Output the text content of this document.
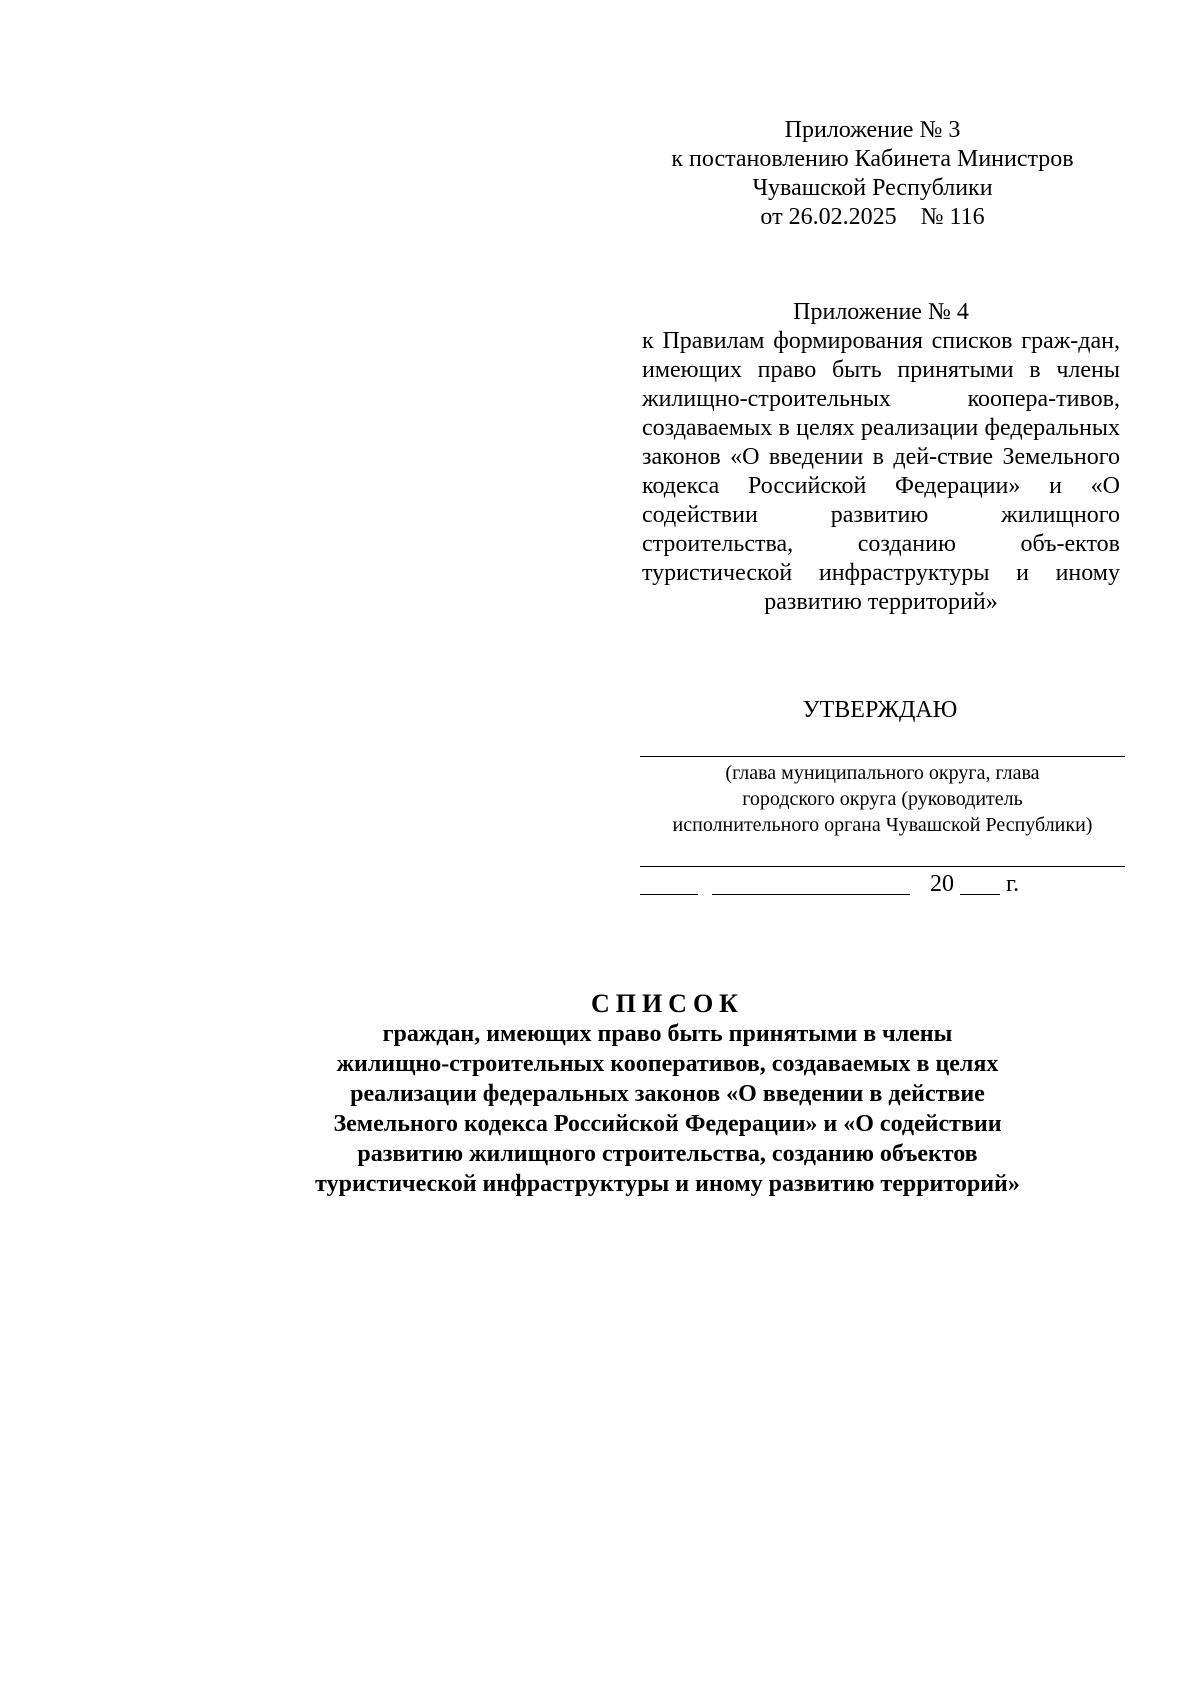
Приложение № 3
к постановлению Кабинета Министров
Чувашской Республики
от 26.02.2025    № 116
Приложение № 4
к Правилам формирования списков граж-дан, имеющих право быть принятыми в члены жилищно-строительных коопера-тивов, создаваемых в целях реализации федеральных законов «О введении в дей-ствие Земельного кодекса Российской Федерации» и «О содействии развитию жилищного строительства, созданию объ-ектов туристической инфраструктуры и иному развитию территорий»
УТВЕРЖДАЮ
(глава муниципального округа, глава
городского округа (руководитель
исполнительного органа Чувашской Республики)
20 г.
СПИСОК
граждан, имеющих право быть принятыми в члены
жилищно-строительных кооперативов, создаваемых в целях
реализации федеральных законов «О введении в действие
Земельного кодекса Российской Федерации» и «О содействии
развитию жилищного строительства, созданию объектов
туристической инфраструктуры и иному развитию территорий»
